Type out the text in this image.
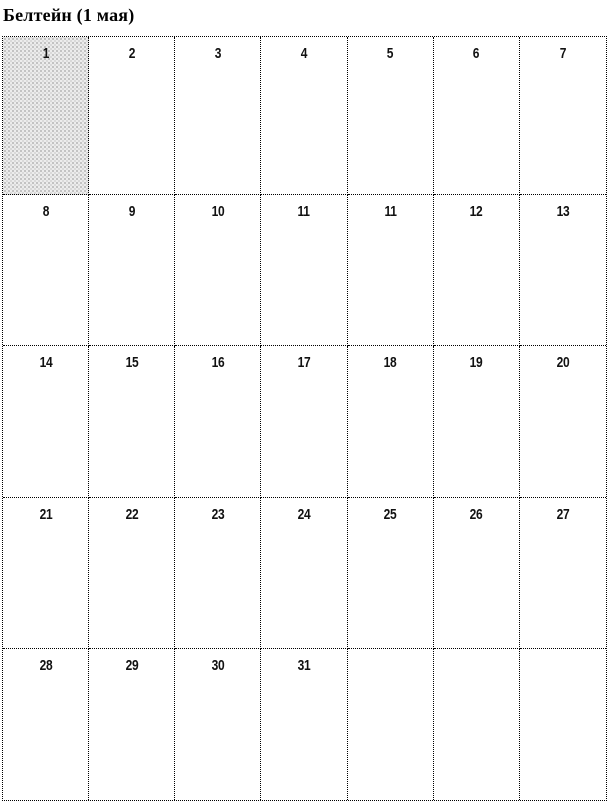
Белтейн (1 мая)
1	2	3	4	5	6	7
8	9	10	11	11	12	13
14	15	16	17	18	19	20
21	22	23	24	25	26	27
28	29	30	31
